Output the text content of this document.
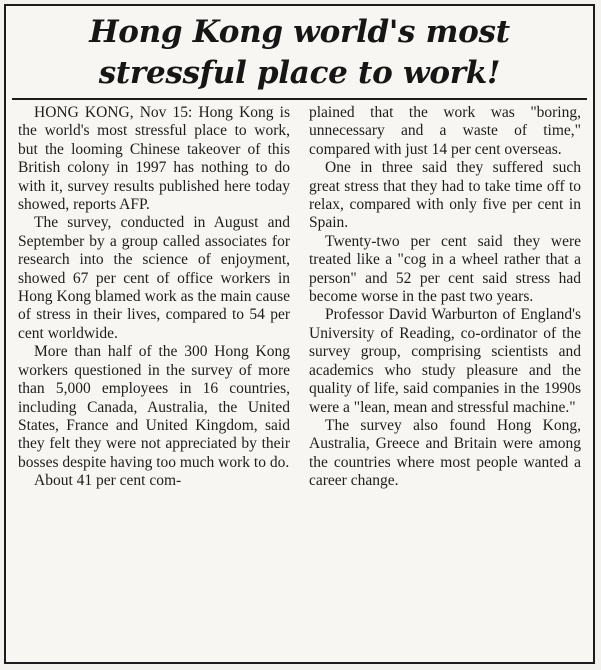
Hong Kong world's most
stressful place to work!

HONG KONG, Nov 15: Hong Kong is the world's most stressful place to work, but the looming Chinese takeover of this British colony in 1997 has nothing to do with it, survey results published here today showed, reports AFP.

The survey, conducted in August and September by a group called associates for research into the science of enjoyment, showed 67 per cent of office workers in Hong Kong blamed work as the main cause of stress in their lives, compared to 54 per cent worldwide.

More than half of the 300 Hong Kong workers questioned in the survey of more than 5,000 employees in 16 countries, including Canada, Australia, the United States, France and United Kingdom, said they felt they were not appreciated by their bosses despite having too much work to do.

About 41 per cent com-

plained that the work was "boring, unnecessary and a waste of time," compared with just 14 per cent overseas.

One in three said they suffered such great stress that they had to take time off to relax, compared with only five per cent in Spain.

Twenty-two per cent said they were treated like a "cog in a wheel rather that a person" and 52 per cent said stress had become worse in the past two years.

Professor David Warburton of England's University of Reading, co-ordinator of the survey group, comprising scientists and academics who study pleasure and the quality of life, said companies in the 1990s were a "lean, mean and stressful machine."

The survey also found Hong Kong, Australia, Greece and Britain were among the countries where most people wanted a career change.
